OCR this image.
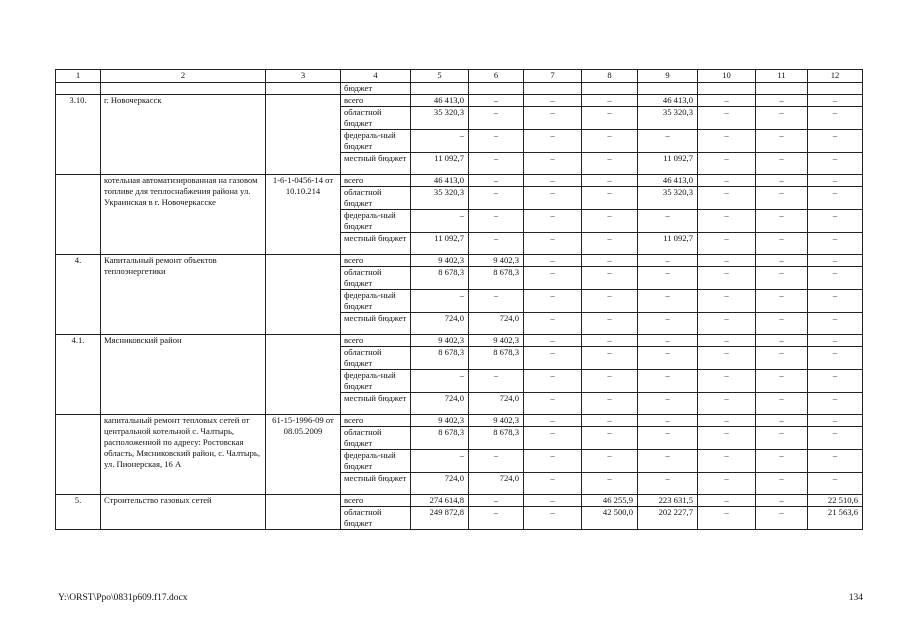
1	2	3	4	5	6	7	8	9	10	11	12
			бюджет								
3.10.	г. Новочеркасск		всего	46 413,0	–	–	–	46 413,0	–	–	–
			областной бюджет	35 320,3	–	–	–	35 320,3	–	–	–
			федераль-ный бюджет	–	–	–	–	–	–	–	–
			местный бюджет	11 092,7	–	–	–	11 092,7	–	–	–
	котельная автоматизированная на газовом топливе для теплоснабжения района ул. Украинская в г. Новочеркасске	1-6-1-0456-14 от 10.10.214	всего	46 413,0	–	–	–	46 413,0	–	–	–
			областной бюджет	35 320,3	–	–	–	35 320,3	–	–	–
			федераль-ный бюджет	–	–	–	–	–	–	–	–
			местный бюджет	11 092,7	–	–	–	11 092,7	–	–	–
4.	Капитальный ремонт объектов теплоэнергетики		всего	9 402,3	9 402,3	–	–	–	–	–	–
			областной бюджет	8 678,3	8 678,3	–	–	–	–	–	–
			федераль-ный бюджет	–	–	–	–	–	–	–	–
			местный бюджет	724,0	724,0	–	–	–	–	–	–
4.1.	Мясниковский район		всего	9 402,3	9 402,3	–	–	–	–	–	–
			областной бюджет	8 678,3	8 678,3	–	–	–	–	–	–
			федераль-ный бюджет	–	–	–	–	–	–	–	–
			местный бюджет	724,0	724,0	–	–	–	–	–	–
	капитальный ремонт тепловых сетей от центральной котельной с. Чалтырь, расположенной по адресу: Ростовская область, Мясниковский район, с. Чалтырь, ул. Пионерская, 16 А	61-15-1996-09 от 08.05.2009	всего	9 402,3	9 402,3	–	–	–	–	–	–
			областной бюджет	8 678,3	8 678,3	–	–	–	–	–	–
			федераль-ный бюджет	–	–	–	–	–	–	–	–
			местный бюджет	724,0	724,0	–	–	–	–	–	–
5.	Строительство газовых сетей		всего	274 614,8	–	–	46 255,9	223 631,5	–	–	22 510,6
			областной бюджет	249 872,8	–	–	42 500,0	202 227,7	–	–	21 563,6
Y:\ORST\Ppo\0831p609.f17.docx	134
